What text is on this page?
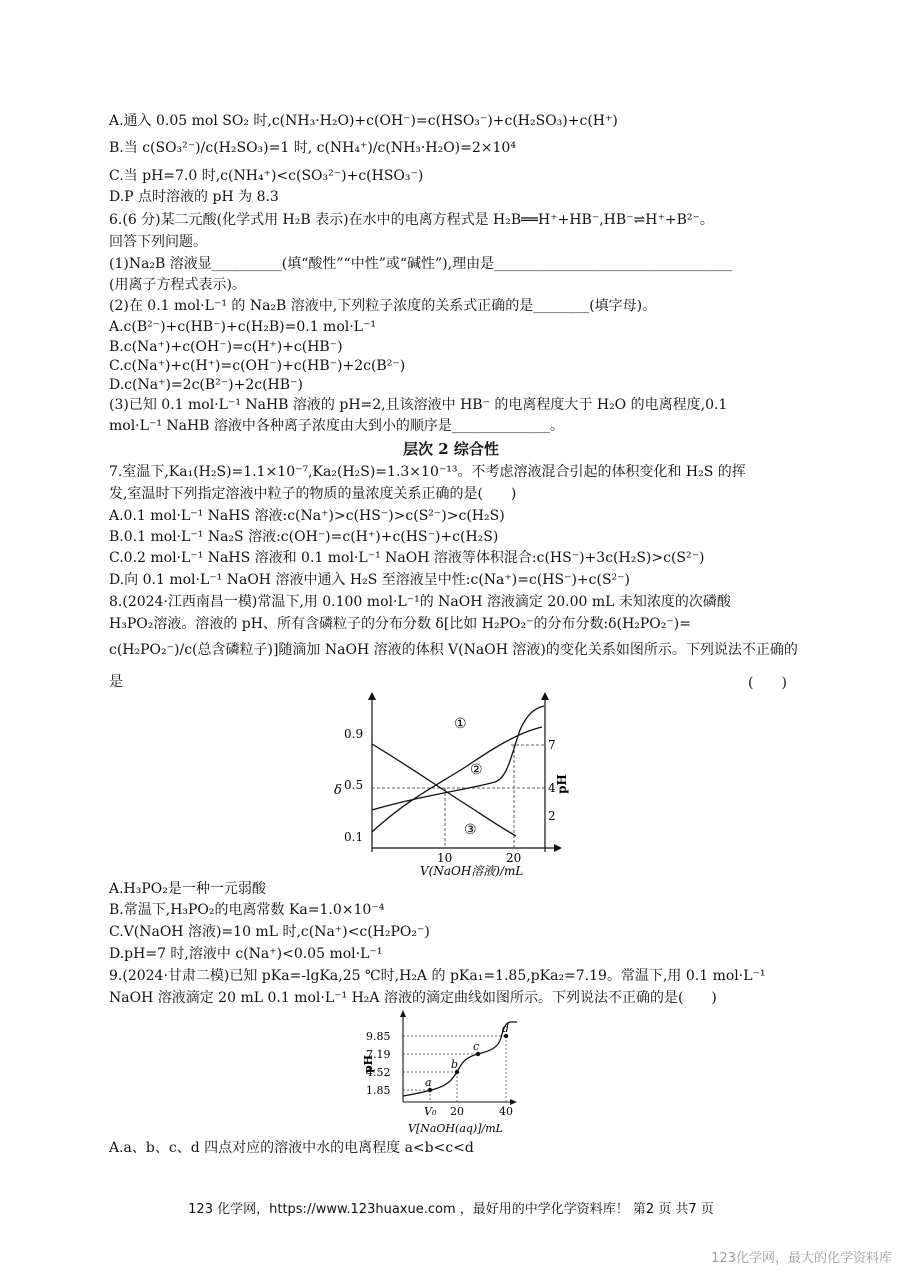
A.通入 0.05 mol SO₂ 时,c(NH₃·H₂O)+c(OH⁻)=c(HSO₃⁻)+c(H₂SO₃)+c(H⁺)
B.当 c(SO₃²⁻)/c(H₂SO₃)=1 时, c(NH₄⁺)/c(NH₃·H₂O)=2×10⁴
C.当 pH=7.0 时,c(NH₄⁺)<c(SO₃²⁻)+c(HSO₃⁻)
D.P 点时溶液的 pH 为 8.3
6.(6 分)某二元酸(化学式用 H₂B 表示)在水中的电离方程式是 H₂B══H⁺+HB⁻,HB⁻⇌H⁺+B²⁻。
回答下列问题。
(1)Na₂B 溶液显__________(填“酸性”“中性”或“碱性”),理由是__________________________________
(用离子方程式表示)。
(2)在 0.1 mol·L⁻¹ 的 Na₂B 溶液中,下列粒子浓度的关系式正确的是________(填字母)。
A.c(B²⁻)+c(HB⁻)+c(H₂B)=0.1 mol·L⁻¹
B.c(Na⁺)+c(OH⁻)=c(H⁺)+c(HB⁻)
C.c(Na⁺)+c(H⁺)=c(OH⁻)+c(HB⁻)+2c(B²⁻)
D.c(Na⁺)=2c(B²⁻)+2c(HB⁻)
(3)已知 0.1 mol·L⁻¹ NaHB 溶液的 pH=2,且该溶液中 HB⁻ 的电离程度大于 H₂O 的电离程度,0.1
mol·L⁻¹ NaHB 溶液中各种离子浓度由大到小的顺序是______________。
层次 2 综合性
7.室温下,Ka₁(H₂S)=1.1×10⁻⁷,Ka₂(H₂S)=1.3×10⁻¹³。不考虑溶液混合引起的体积变化和 H₂S 的挥
发,室温时下列指定溶液中粒子的物质的量浓度关系正确的是(　　)
A.0.1 mol·L⁻¹ NaHS 溶液:c(Na⁺)>c(HS⁻)>c(S²⁻)>c(H₂S)
B.0.1 mol·L⁻¹ Na₂S 溶液:c(OH⁻)=c(H⁺)+c(HS⁻)+c(H₂S)
C.0.2 mol·L⁻¹ NaHS 溶液和 0.1 mol·L⁻¹ NaOH 溶液等体积混合:c(HS⁻)+3c(H₂S)>c(S²⁻)
D.向 0.1 mol·L⁻¹ NaOH 溶液中通入 H₂S 至溶液呈中性:c(Na⁺)=c(HS⁻)+c(S²⁻)
8.(2024·江西南昌一模)常温下,用 0.100 mol·L⁻¹的 NaOH 溶液滴定 20.00 mL 未知浓度的次磷酸
H₃PO₂溶液。溶液的 pH、所有含磷粒子的分布分数 δ[比如 H₂PO₂⁻的分布分数:δ(H₂PO₂⁻)=
c(H₂PO₂⁻)/c(总含磷粒子)]随滴加 NaOH 溶液的体积 V(NaOH 溶液)的变化关系如图所示。下列说法不正确的
是	(　　)
0.9
0.5
0.1
δ
7
4
2
pH
10	20
V(NaOH溶液)/mL
①
②
③
A.H₃PO₂是一种一元弱酸
B.常温下,H₃PO₂的电离常数 Ka=1.0×10⁻⁴
C.V(NaOH 溶液)=10 mL 时,c(Na⁺)<c(H₂PO₂⁻)
D.pH=7 时,溶液中 c(Na⁺)<0.05 mol·L⁻¹
9.(2024·甘肃二模)已知 pKa=-lgKa,25 ℃时,H₂A 的 pKa₁=1.85,pKa₂=7.19。常温下,用 0.1 mol·L⁻¹
NaOH 溶液滴定 20 mL 0.1 mol·L⁻¹ H₂A 溶液的滴定曲线如图所示。下列说法不正确的是(　　)
a
b
c
d
9.85
7.19
4.52
1.85
pH
V₀ 20	40
V[NaOH(aq)]/mL
A.a、b、c、d 四点对应的溶液中水的电离程度 a<b<c<d
123 化学网，https://www.123huaxue.com ，最好用的中学化学资料库！ 第2 页 共7 页
123化学网，最大的化学资料库
